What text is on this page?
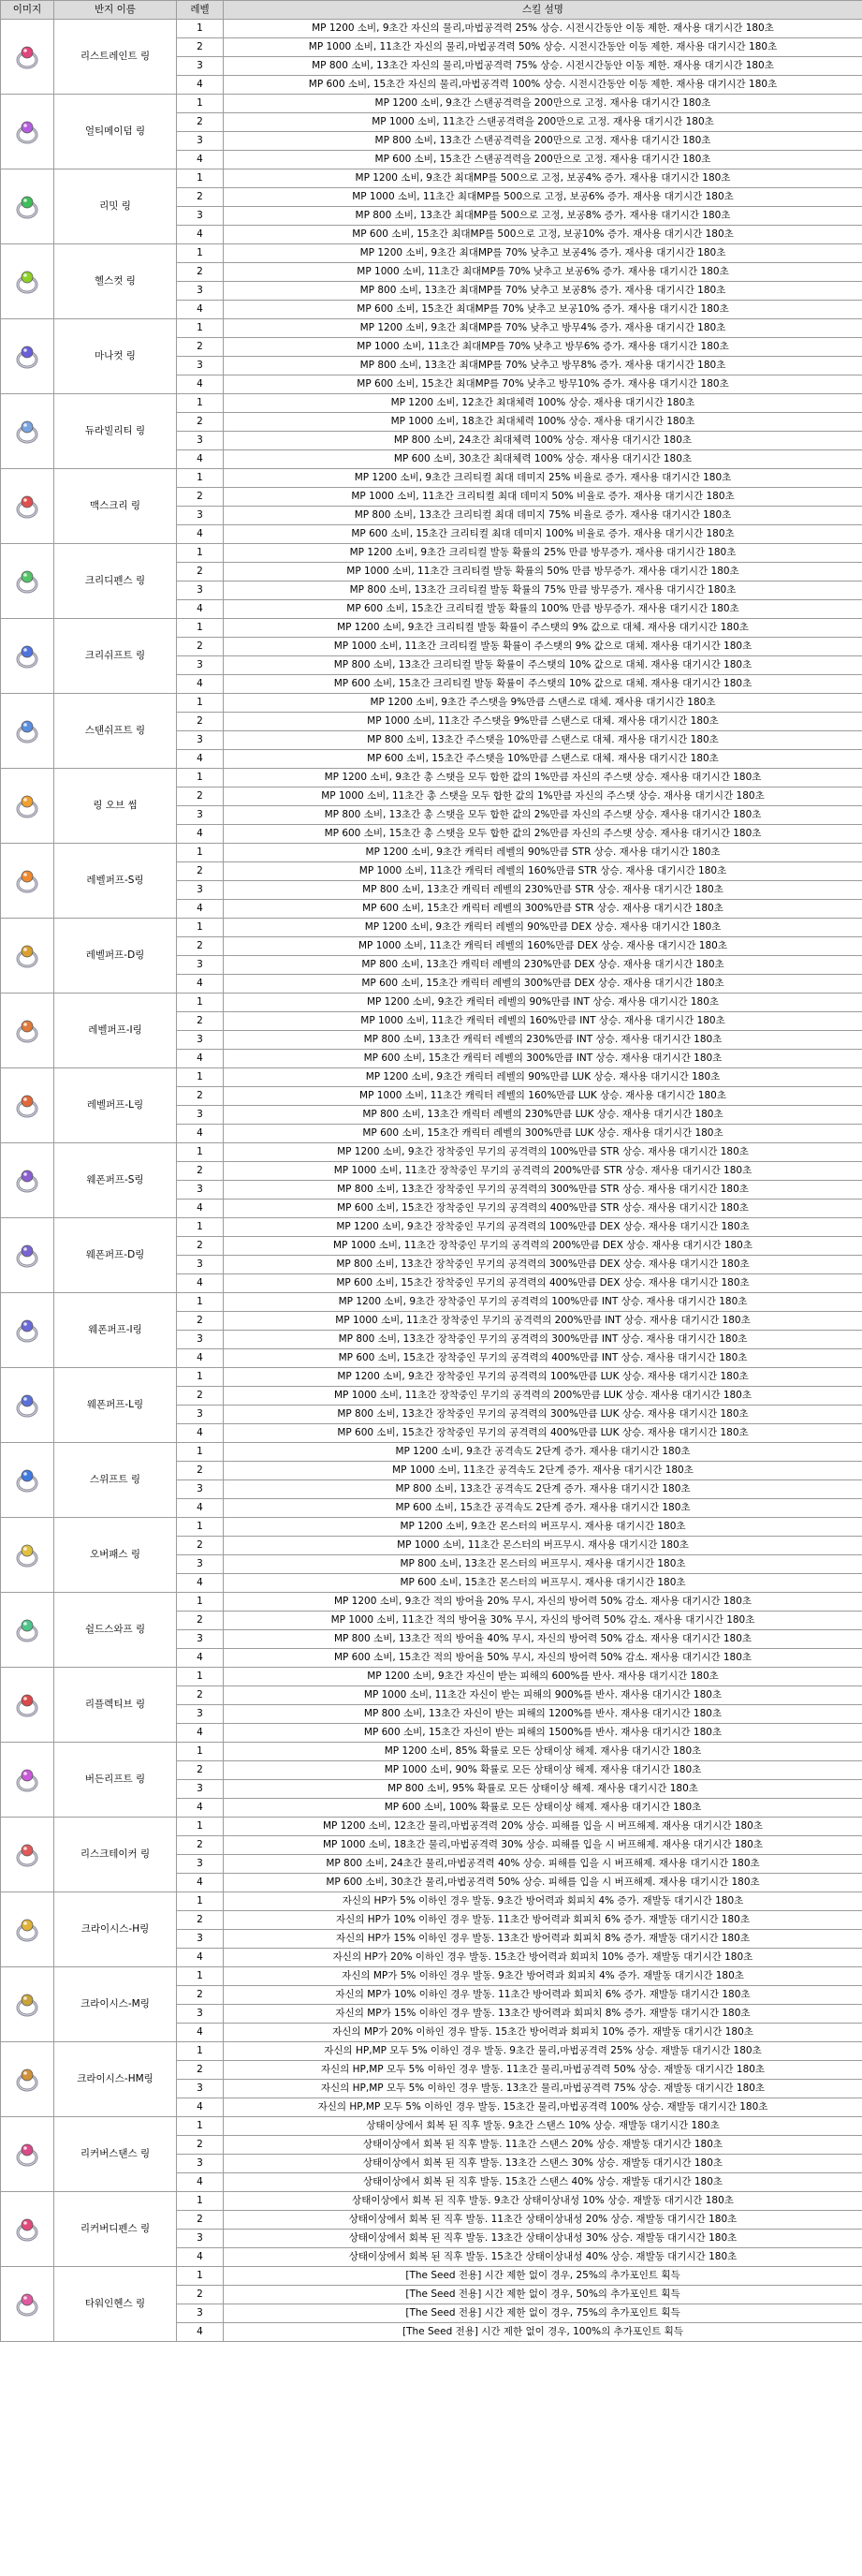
이미지	반지 이름	레벨	스킬 설명
	리스트레인트 링	1	MP 1200 소비, 9초간 자신의 물리,마법공격력 25% 상승. 시전시간동안 이동 제한. 재사용 대기시간 180초
		2	MP 1000 소비, 11초간 자신의 물리,마법공격력 50% 상승. 시전시간동안 이동 제한. 재사용 대기시간 180초
		3	MP 800 소비, 13초간 자신의 물리,마법공격력 75% 상승. 시전시간동안 이동 제한. 재사용 대기시간 180초
		4	MP 600 소비, 15초간 자신의 물리,마법공격력 100% 상승. 시전시간동안 이동 제한. 재사용 대기시간 180초
	얼티메이덤 링	1	MP 1200 소비, 9초간 스탠공격력을 200만으로 고정. 재사용 대기시간 180초
		2	MP 1000 소비, 11초간 스탠공격력을 200만으로 고정. 재사용 대기시간 180초
		3	MP 800 소비, 13초간 스탠공격력을 200만으로 고정. 재사용 대기시간 180초
		4	MP 600 소비, 15초간 스탠공격력을 200만으로 고정. 재사용 대기시간 180초
	리밋 링	1	MP 1200 소비, 9초간 최대MP를 500으로 고정, 보공4% 증가. 재사용 대기시간 180초
		2	MP 1000 소비, 11초간 최대MP를 500으로 고정, 보공6% 증가. 재사용 대기시간 180초
		3	MP 800 소비, 13초간 최대MP를 500으로 고정, 보공8% 증가. 재사용 대기시간 180초
		4	MP 600 소비, 15초간 최대MP를 500으로 고정, 보공10% 증가. 재사용 대기시간 180초
	헬스컷 링	1	MP 1200 소비, 9초간 최대MP를 70% 낮추고 보공4% 증가. 재사용 대기시간 180초
		2	MP 1000 소비, 11초간 최대MP를 70% 낮추고 보공6% 증가. 재사용 대기시간 180초
		3	MP 800 소비, 13초간 최대MP를 70% 낮추고 보공8% 증가. 재사용 대기시간 180초
		4	MP 600 소비, 15초간 최대MP를 70% 낮추고 보공10% 증가. 재사용 대기시간 180초
	마나컷 링	1	MP 1200 소비, 9초간 최대MP를 70% 낮추고 방무4% 증가. 재사용 대기시간 180초
		2	MP 1000 소비, 11초간 최대MP를 70% 낮추고 방무6% 증가. 재사용 대기시간 180초
		3	MP 800 소비, 13초간 최대MP를 70% 낮추고 방무8% 증가. 재사용 대기시간 180초
		4	MP 600 소비, 15초간 최대MP를 70% 낮추고 방무10% 증가. 재사용 대기시간 180초
	듀라빌리티 링	1	MP 1200 소비, 12초간 최대체력 100% 상승. 재사용 대기시간 180초
		2	MP 1000 소비, 18초간 최대체력 100% 상승. 재사용 대기시간 180초
		3	MP 800 소비, 24초간 최대체력 100% 상승. 재사용 대기시간 180초
		4	MP 600 소비, 30초간 최대체력 100% 상승. 재사용 대기시간 180초
	맥스크리 링	1	MP 1200 소비, 9초간 크리티컬 최대 데미지 25% 비율로 증가. 재사용 대기시간 180초
		2	MP 1000 소비, 11초간 크리티컬 최대 데미지 50% 비율로 증가. 재사용 대기시간 180초
		3	MP 800 소비, 13초간 크리티컬 최대 데미지 75% 비율로 증가. 재사용 대기시간 180초
		4	MP 600 소비, 15초간 크리티컬 최대 데미지 100% 비율로 증가. 재사용 대기시간 180초
	크리디펜스 링	1	MP 1200 소비, 9초간 크리티컬 발동 확률의 25% 만큼 방무증가. 재사용 대기시간 180초
		2	MP 1000 소비, 11초간 크리티컬 발동 확률의 50% 만큼 방무증가. 재사용 대기시간 180초
		3	MP 800 소비, 13초간 크리티컬 발동 확률의 75% 만큼 방무증가. 재사용 대기시간 180초
		4	MP 600 소비, 15초간 크리티컬 발동 확률의 100% 만큼 방무증가. 재사용 대기시간 180초
	크리쉬프트 링	1	MP 1200 소비, 9초간 크리티컬 발동 확률이 주스탯의 9% 값으로 대체. 재사용 대기시간 180초
		2	MP 1000 소비, 11초간 크리티컬 발동 확률이 주스탯의 9% 값으로 대체. 재사용 대기시간 180초
		3	MP 800 소비, 13초간 크리티컬 발동 확률이 주스탯의 10% 값으로 대체. 재사용 대기시간 180초
		4	MP 600 소비, 15초간 크리티컬 발동 확률이 주스탯의 10% 값으로 대체. 재사용 대기시간 180초
	스탠쉬프트 링	1	MP 1200 소비, 9초간 주스탯을 9%만큼 스탠스로 대체. 재사용 대기시간 180초
		2	MP 1000 소비, 11초간 주스탯을 9%만큼 스탠스로 대체. 재사용 대기시간 180초
		3	MP 800 소비, 13초간 주스탯을 10%만큼 스탠스로 대체. 재사용 대기시간 180초
		4	MP 600 소비, 15초간 주스탯을 10%만큼 스탠스로 대체. 재사용 대기시간 180초
	링 오브 썸	1	MP 1200 소비, 9초간 총 스탯을 모두 합한 값의 1%만큼 자신의 주스탯 상승. 재사용 대기시간 180초
		2	MP 1000 소비, 11초간 총 스탯을 모두 합한 값의 1%만큼 자신의 주스탯 상승. 재사용 대기시간 180초
		3	MP 800 소비, 13초간 총 스탯을 모두 합한 값의 2%만큼 자신의 주스탯 상승. 재사용 대기시간 180초
		4	MP 600 소비, 15초간 총 스탯을 모두 합한 값의 2%만큼 자신의 주스탯 상승. 재사용 대기시간 180초
	레벨퍼프-S링	1	MP 1200 소비, 9초간 캐릭터 레벨의 90%만큼 STR 상승. 재사용 대기시간 180초
		2	MP 1000 소비, 11초간 캐릭터 레벨의 160%만큼 STR 상승. 재사용 대기시간 180초
		3	MP 800 소비, 13초간 캐릭터 레벨의 230%만큼 STR 상승. 재사용 대기시간 180초
		4	MP 600 소비, 15초간 캐릭터 레벨의 300%만큼 STR 상승. 재사용 대기시간 180초
	레벨퍼프-D링	1	MP 1200 소비, 9초간 캐릭터 레벨의 90%만큼 DEX 상승. 재사용 대기시간 180초
		2	MP 1000 소비, 11초간 캐릭터 레벨의 160%만큼 DEX 상승. 재사용 대기시간 180초
		3	MP 800 소비, 13초간 캐릭터 레벨의 230%만큼 DEX 상승. 재사용 대기시간 180초
		4	MP 600 소비, 15초간 캐릭터 레벨의 300%만큼 DEX 상승. 재사용 대기시간 180초
	레벨퍼프-I링	1	MP 1200 소비, 9초간 캐릭터 레벨의 90%만큼 INT 상승. 재사용 대기시간 180초
		2	MP 1000 소비, 11초간 캐릭터 레벨의 160%만큼 INT 상승. 재사용 대기시간 180초
		3	MP 800 소비, 13초간 캐릭터 레벨의 230%만큼 INT 상승. 재사용 대기시간 180초
		4	MP 600 소비, 15초간 캐릭터 레벨의 300%만큼 INT 상승. 재사용 대기시간 180초
	레벨퍼프-L링	1	MP 1200 소비, 9초간 캐릭터 레벨의 90%만큼 LUK 상승. 재사용 대기시간 180초
		2	MP 1000 소비, 11초간 캐릭터 레벨의 160%만큼 LUK 상승. 재사용 대기시간 180초
		3	MP 800 소비, 13초간 캐릭터 레벨의 230%만큼 LUK 상승. 재사용 대기시간 180초
		4	MP 600 소비, 15초간 캐릭터 레벨의 300%만큼 LUK 상승. 재사용 대기시간 180초
	웨폰퍼프-S링	1	MP 1200 소비, 9초간 장착중인 무기의 공격력의 100%만큼 STR 상승. 재사용 대기시간 180초
		2	MP 1000 소비, 11초간 장착중인 무기의 공격력의 200%만큼 STR 상승. 재사용 대기시간 180초
		3	MP 800 소비, 13초간 장착중인 무기의 공격력의 300%만큼 STR 상승. 재사용 대기시간 180초
		4	MP 600 소비, 15초간 장착중인 무기의 공격력의 400%만큼 STR 상승. 재사용 대기시간 180초
	웨폰퍼프-D링	1	MP 1200 소비, 9초간 장착중인 무기의 공격력의 100%만큼 DEX 상승. 재사용 대기시간 180초
		2	MP 1000 소비, 11초간 장착중인 무기의 공격력의 200%만큼 DEX 상승. 재사용 대기시간 180초
		3	MP 800 소비, 13초간 장착중인 무기의 공격력의 300%만큼 DEX 상승. 재사용 대기시간 180초
		4	MP 600 소비, 15초간 장착중인 무기의 공격력의 400%만큼 DEX 상승. 재사용 대기시간 180초
	웨폰퍼프-I링	1	MP 1200 소비, 9초간 장착중인 무기의 공격력의 100%만큼 INT 상승. 재사용 대기시간 180초
		2	MP 1000 소비, 11초간 장착중인 무기의 공격력의 200%만큼 INT 상승. 재사용 대기시간 180초
		3	MP 800 소비, 13초간 장착중인 무기의 공격력의 300%만큼 INT 상승. 재사용 대기시간 180초
		4	MP 600 소비, 15초간 장착중인 무기의 공격력의 400%만큼 INT 상승. 재사용 대기시간 180초
	웨폰퍼프-L링	1	MP 1200 소비, 9초간 장착중인 무기의 공격력의 100%만큼 LUK 상승. 재사용 대기시간 180초
		2	MP 1000 소비, 11초간 장착중인 무기의 공격력의 200%만큼 LUK 상승. 재사용 대기시간 180초
		3	MP 800 소비, 13초간 장착중인 무기의 공격력의 300%만큼 LUK 상승. 재사용 대기시간 180초
		4	MP 600 소비, 15초간 장착중인 무기의 공격력의 400%만큼 LUK 상승. 재사용 대기시간 180초
	스위프트 링	1	MP 1200 소비, 9초간 공격속도 2단계 증가. 재사용 대기시간 180초
		2	MP 1000 소비, 11초간 공격속도 2단계 증가. 재사용 대기시간 180초
		3	MP 800 소비, 13초간 공격속도 2단계 증가. 재사용 대기시간 180초
		4	MP 600 소비, 15초간 공격속도 2단계 증가. 재사용 대기시간 180초
	오버패스 링	1	MP 1200 소비, 9초간 몬스터의 버프무시. 재사용 대기시간 180초
		2	MP 1000 소비, 11초간 몬스터의 버프무시. 재사용 대기시간 180초
		3	MP 800 소비, 13초간 몬스터의 버프무시. 재사용 대기시간 180초
		4	MP 600 소비, 15초간 몬스터의 버프무시. 재사용 대기시간 180초
	쉴드스와프 링	1	MP 1200 소비, 9초간 적의 방어율 20% 무시, 자신의 방어력 50% 감소. 재사용 대기시간 180초
		2	MP 1000 소비, 11초간 적의 방어율 30% 무시, 자신의 방어력 50% 감소. 재사용 대기시간 180초
		3	MP 800 소비, 13초간 적의 방어율 40% 무시, 자신의 방어력 50% 감소. 재사용 대기시간 180초
		4	MP 600 소비, 15초간 적의 방어율 50% 무시, 자신의 방어력 50% 감소. 재사용 대기시간 180초
	리플렉티브 링	1	MP 1200 소비, 9초간 자신이 받는 피해의 600%를 반사. 재사용 대기시간 180초
		2	MP 1000 소비, 11초간 자신이 받는 피해의 900%를 반사. 재사용 대기시간 180초
		3	MP 800 소비, 13초간 자신이 받는 피해의 1200%를 반사. 재사용 대기시간 180초
		4	MP 600 소비, 15초간 자신이 받는 피해의 1500%를 반사. 재사용 대기시간 180초
	버든리프트 링	1	MP 1200 소비, 85% 확률로 모든 상태이상 해제. 재사용 대기시간 180초
		2	MP 1000 소비, 90% 확률로 모든 상태이상 해제. 재사용 대기시간 180초
		3	MP 800 소비, 95% 확률로 모든 상태이상 해제. 재사용 대기시간 180초
		4	MP 600 소비, 100% 확률로 모든 상태이상 해제. 재사용 대기시간 180초
	리스크테이커 링	1	MP 1200 소비, 12초간 물리,마법공격력 20% 상승. 피해를 입을 시 버프해제. 재사용 대기시간 180초
		2	MP 1000 소비, 18초간 물리,마법공격력 30% 상승. 피해를 입을 시 버프해제. 재사용 대기시간 180초
		3	MP 800 소비, 24초간 물리,마법공격력 40% 상승. 피해를 입을 시 버프해제. 재사용 대기시간 180초
		4	MP 600 소비, 30초간 물리,마법공격력 50% 상승. 피해를 입을 시 버프해제. 재사용 대기시간 180초
	크라이시스-H링	1	자신의 HP가 5% 이하인 경우 발동. 9초간 방어력과 회피치 4% 증가. 재발동 대기시간 180초
		2	자신의 HP가 10% 이하인 경우 발동. 11초간 방어력과 회피치 6% 증가. 재발동 대기시간 180초
		3	자신의 HP가 15% 이하인 경우 발동. 13초간 방어력과 회피치 8% 증가. 재발동 대기시간 180초
		4	자신의 HP가 20% 이하인 경우 발동. 15초간 방어력과 회피치 10% 증가. 재발동 대기시간 180초
	크라이시스-M링	1	자신의 MP가 5% 이하인 경우 발동. 9초간 방어력과 회피치 4% 증가. 재발동 대기시간 180초
		2	자신의 MP가 10% 이하인 경우 발동. 11초간 방어력과 회피치 6% 증가. 재발동 대기시간 180초
		3	자신의 MP가 15% 이하인 경우 발동. 13초간 방어력과 회피치 8% 증가. 재발동 대기시간 180초
		4	자신의 MP가 20% 이하인 경우 발동. 15초간 방어력과 회피치 10% 증가. 재발동 대기시간 180초
	크라이시스-HM링	1	자신의 HP,MP 모두 5% 이하인 경우 발동. 9초간 물리,마법공격력 25% 상승. 재발동 대기시간 180초
		2	자신의 HP,MP 모두 5% 이하인 경우 발동. 11초간 물리,마법공격력 50% 상승. 재발동 대기시간 180초
		3	자신의 HP,MP 모두 5% 이하인 경우 발동. 13초간 물리,마법공격력 75% 상승. 재발동 대기시간 180초
		4	자신의 HP,MP 모두 5% 이하인 경우 발동. 15초간 물리,마법공격력 100% 상승. 재발동 대기시간 180초
	리커버스탠스 링	1	상태이상에서 회복 된 직후 발동. 9초간 스탠스 10% 상승. 재발동 대기시간 180초
		2	상태이상에서 회복 된 직후 발동. 11초간 스탠스 20% 상승. 재발동 대기시간 180초
		3	상태이상에서 회복 된 직후 발동. 13초간 스탠스 30% 상승. 재발동 대기시간 180초
		4	상태이상에서 회복 된 직후 발동. 15초간 스탠스 40% 상승. 재발동 대기시간 180초
	리커버디펜스 링	1	상태이상에서 회복 된 직후 발동. 9초간 상태이상내성 10% 상승. 재발동 대기시간 180초
		2	상태이상에서 회복 된 직후 발동. 11초간 상태이상내성 20% 상승. 재발동 대기시간 180초
		3	상태이상에서 회복 된 직후 발동. 13초간 상태이상내성 30% 상승. 재발동 대기시간 180초
		4	상태이상에서 회복 된 직후 발동. 15초간 상태이상내성 40% 상승. 재발동 대기시간 180초
	타워인헨스 링	1	[The Seed 전용] 시간 제한 없이 경우, 25%의 추가포인트 획득
		2	[The Seed 전용] 시간 제한 없이 경우, 50%의 추가포인트 획득
		3	[The Seed 전용] 시간 제한 없이 경우, 75%의 추가포인트 획득
		4	[The Seed 전용] 시간 제한 없이 경우, 100%의 추가포인트 획득
